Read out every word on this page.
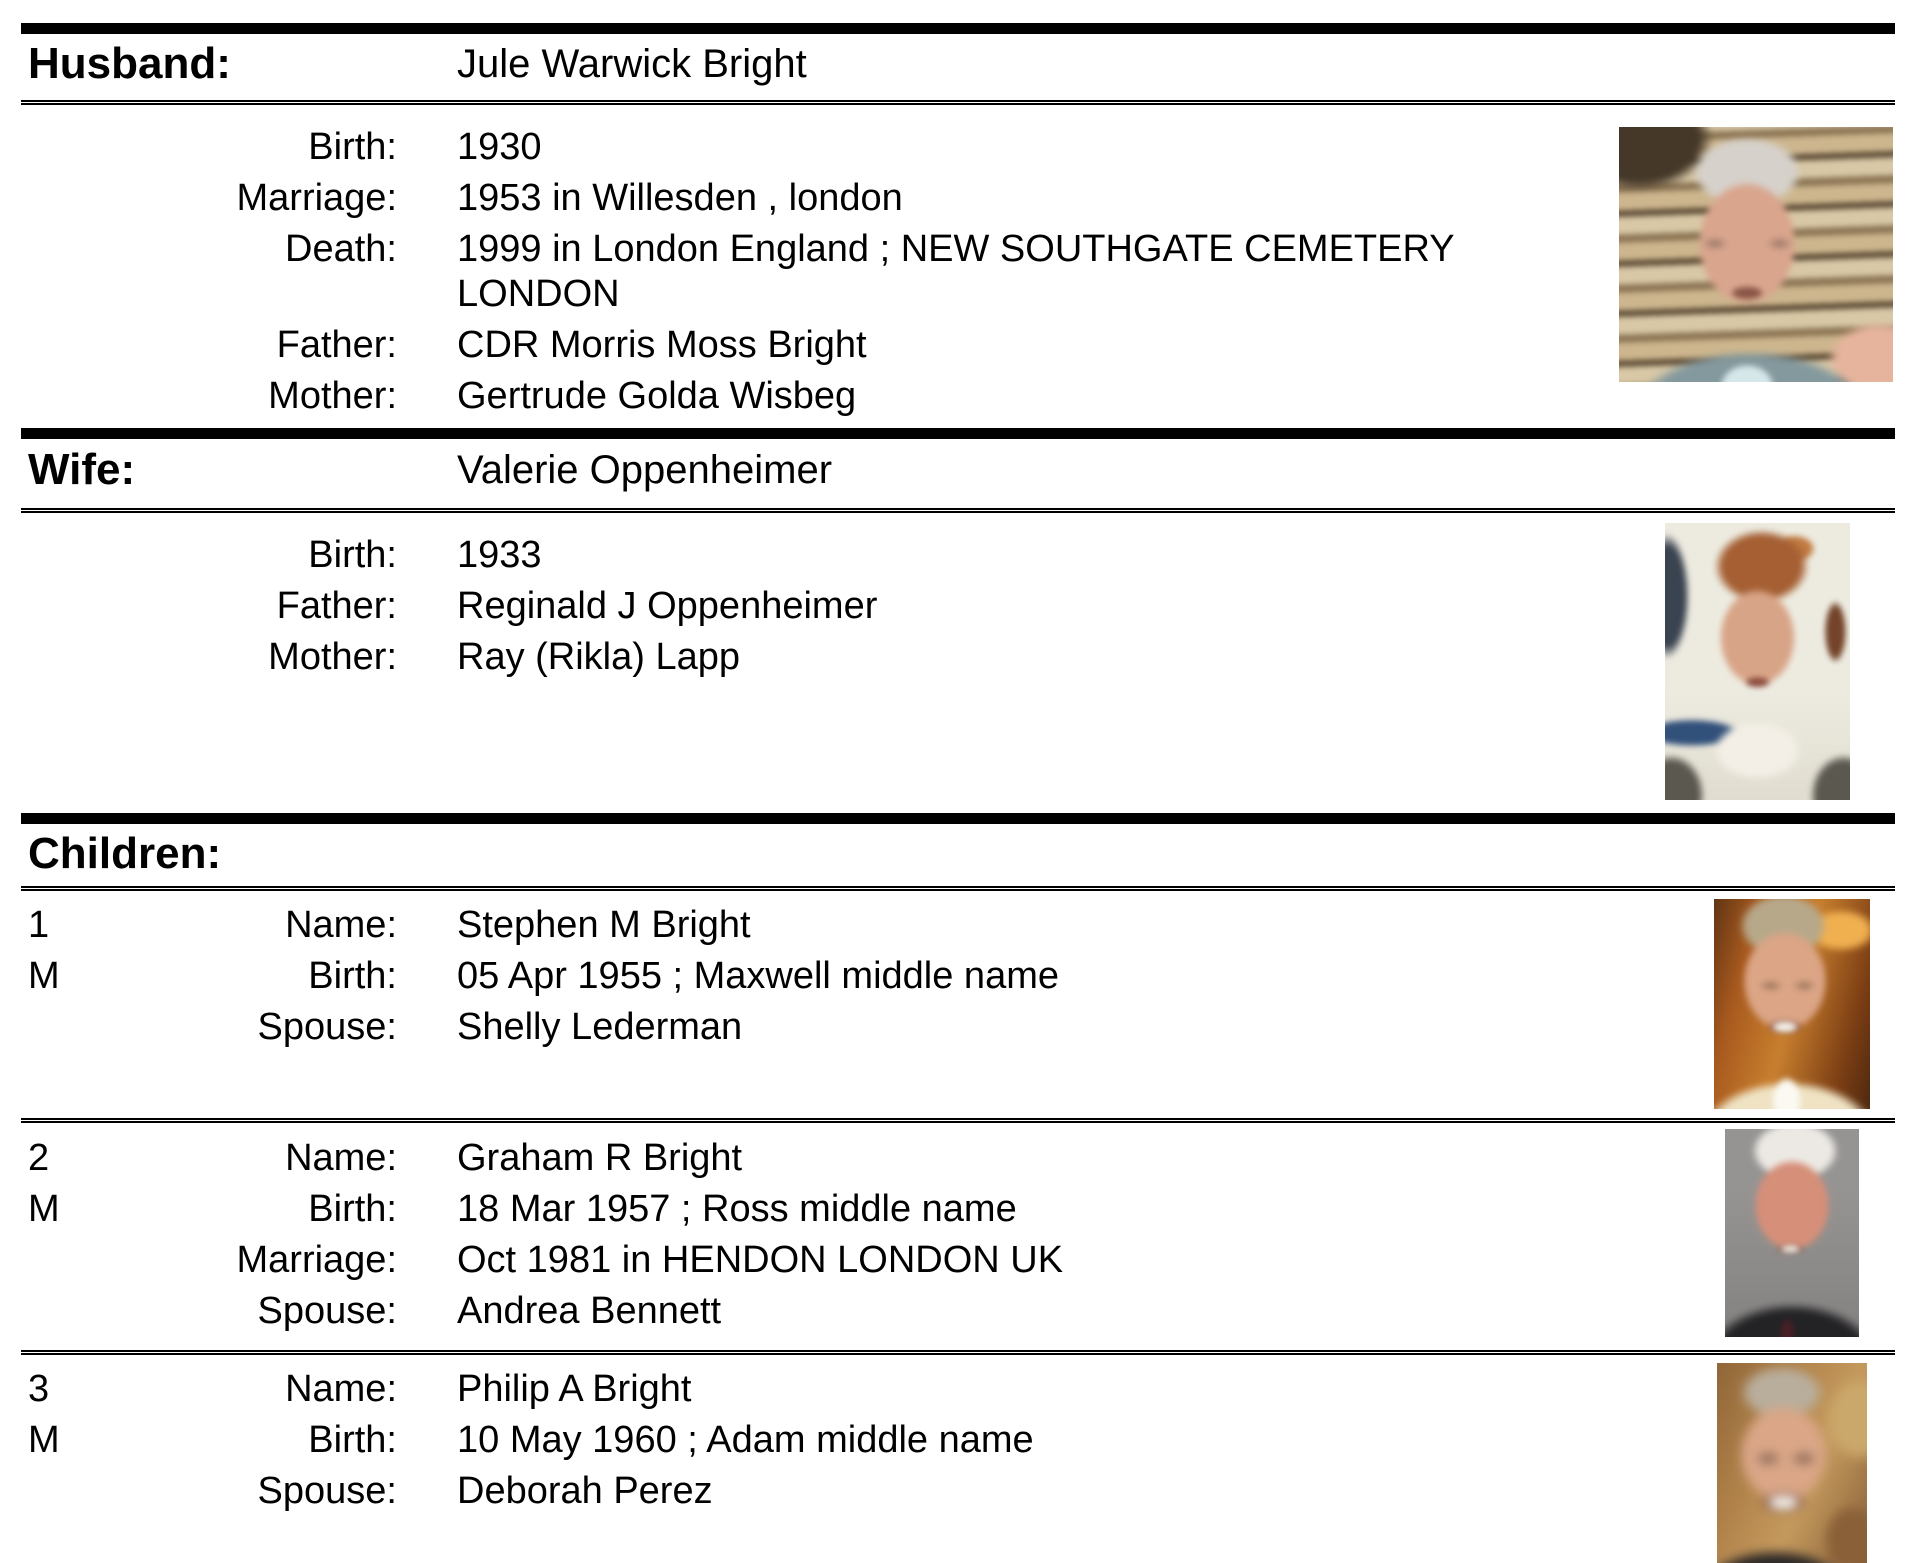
Husband:	Jule Warwick Bright
Birth: 1930
Marriage: 1953 in Willesden , london
Death: 1999 in London England ; NEW SOUTHGATE CEMETERY LONDON
Father: CDR Morris Moss Bright
Mother: Gertrude Golda Wisbeg
Wife:	Valerie Oppenheimer
Birth: 1933
Father: Reginald J Oppenheimer
Mother: Ray (Rikla) Lapp
Children:
1	Name: Stephen M Bright
M	Birth: 05 Apr 1955 ; Maxwell middle name
Spouse: Shelly Lederman
2	Name: Graham R Bright
M	Birth: 18 Mar 1957 ; Ross middle name
Marriage: Oct 1981 in HENDON LONDON UK
Spouse: Andrea Bennett
3	Name: Philip A Bright
M	Birth: 10 May 1960 ; Adam middle name
Spouse: Deborah Perez
